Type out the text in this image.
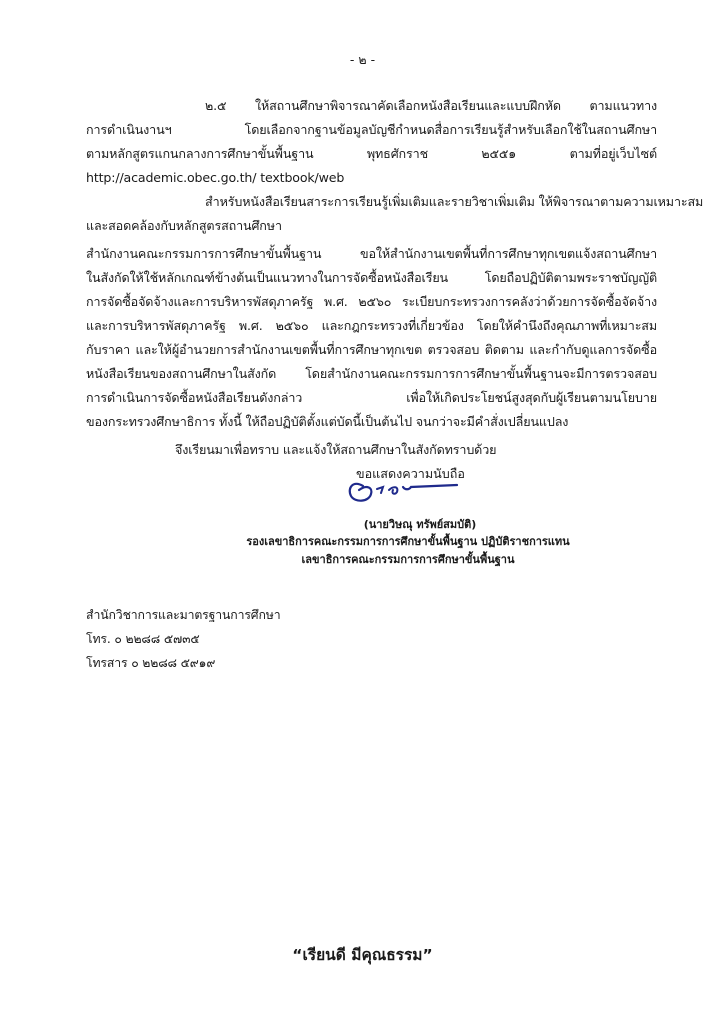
- ๒ -
๒.๕ ให้สถานศึกษาพิจารณาคัดเลือกหนังสือเรียนและแบบฝึกหัด ตามแนวทาง
การดำเนินงานฯ โดยเลือกจากฐานข้อมูลบัญชีกำหนดสื่อการเรียนรู้สำหรับเลือกใช้ในสถานศึกษา
ตามหลักสูตรแกนกลางการศึกษาขั้นพื้นฐาน พุทธศักราช ๒๕๕๑ ตามที่อยู่เว็บไซต์
http://academic.obec.go.th/ textbook/web
สำหรับหนังสือเรียนสาระการเรียนรู้เพิ่มเติมและรายวิชาเพิ่มเติม ให้พิจารณาตามความเหมาะสม
และสอดคล้องกับหลักสูตรสถานศึกษา
สำนักงานคณะกรรมการการศึกษาขั้นพื้นฐาน ขอให้สำนักงานเขตพื้นที่การศึกษาทุกเขตแจ้งสถานศึกษา
ในสังกัดให้ใช้หลักเกณฑ์ข้างต้นเป็นแนวทางในการจัดซื้อหนังสือเรียน โดยถือปฏิบัติตามพระราชบัญญัติ
การจัดซื้อจัดจ้างและการบริหารพัสดุภาครัฐ พ.ศ. ๒๕๖๐ ระเบียบกระทรวงการคลังว่าด้วยการจัดซื้อจัดจ้าง
และการบริหารพัสดุภาครัฐ พ.ศ. ๒๕๖๐ และกฎกระทรวงที่เกี่ยวข้อง โดยให้คำนึงถึงคุณภาพที่เหมาะสม
กับราคา และให้ผู้อำนวยการสำนักงานเขตพื้นที่การศึกษาทุกเขต ตรวจสอบ ติดตาม และกำกับดูแลการจัดซื้อ
หนังสือเรียนของสถานศึกษาในสังกัด โดยสำนักงานคณะกรรมการการศึกษาขั้นพื้นฐานจะมีการตรวจสอบ
การดำเนินการจัดซื้อหนังสือเรียนดังกล่าว เพื่อให้เกิดประโยชน์สูงสุดกับผู้เรียนตามนโยบาย
ของกระทรวงศึกษาธิการ ทั้งนี้ ให้ถือปฏิบัติตั้งแต่บัดนี้เป็นต้นไป จนกว่าจะมีคำสั่งเปลี่ยนแปลง
จึงเรียนมาเพื่อทราบ และแจ้งให้สถานศึกษาในสังกัดทราบด้วย
ขอแสดงความนับถือ
(นายวิษณุ ทรัพย์สมบัติ)
รองเลขาธิการคณะกรรมการการศึกษาขั้นพื้นฐาน ปฏิบัติราชการแทน
เลขาธิการคณะกรรมการการศึกษาขั้นพื้นฐาน
สำนักวิชาการและมาตรฐานการศึกษา
โทร. ๐ ๒๒๘๘ ๕๗๓๕
โทรสาร ๐ ๒๒๘๘ ๕๙๑๙
“เรียนดี มีคุณธรรม”
